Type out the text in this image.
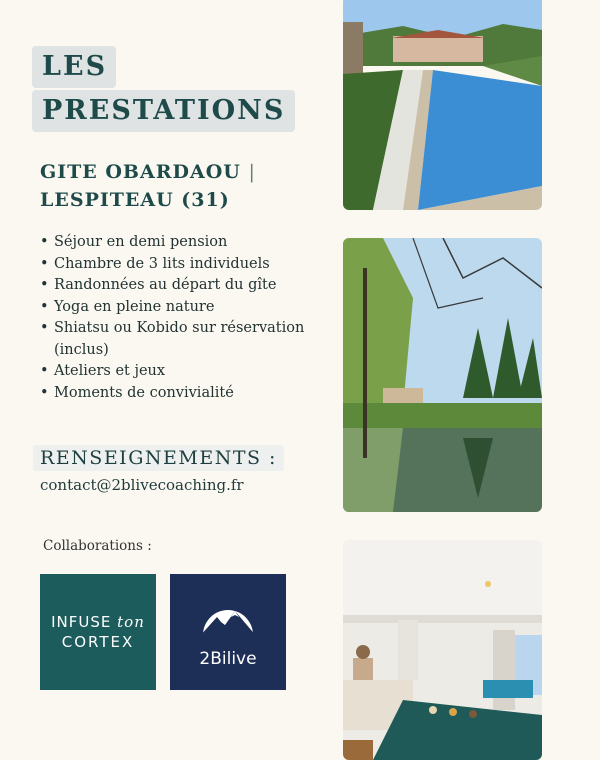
LES
PRESTATIONS
GITE OBARDAOU |
LESPITEAU (31)
• Séjour en demi pension
• Chambre de 3 lits individuels
• Randonnées au départ du gîte
• Yoga en pleine nature
• Shiatsu ou Kobido sur réservation (inclus)
• Ateliers et jeux
• Moments de convivialité
RENSEIGNEMENTS :
contact@2blivecoaching.fr
Collaborations :
INFUSE ton
CORTEX
2Bilive
